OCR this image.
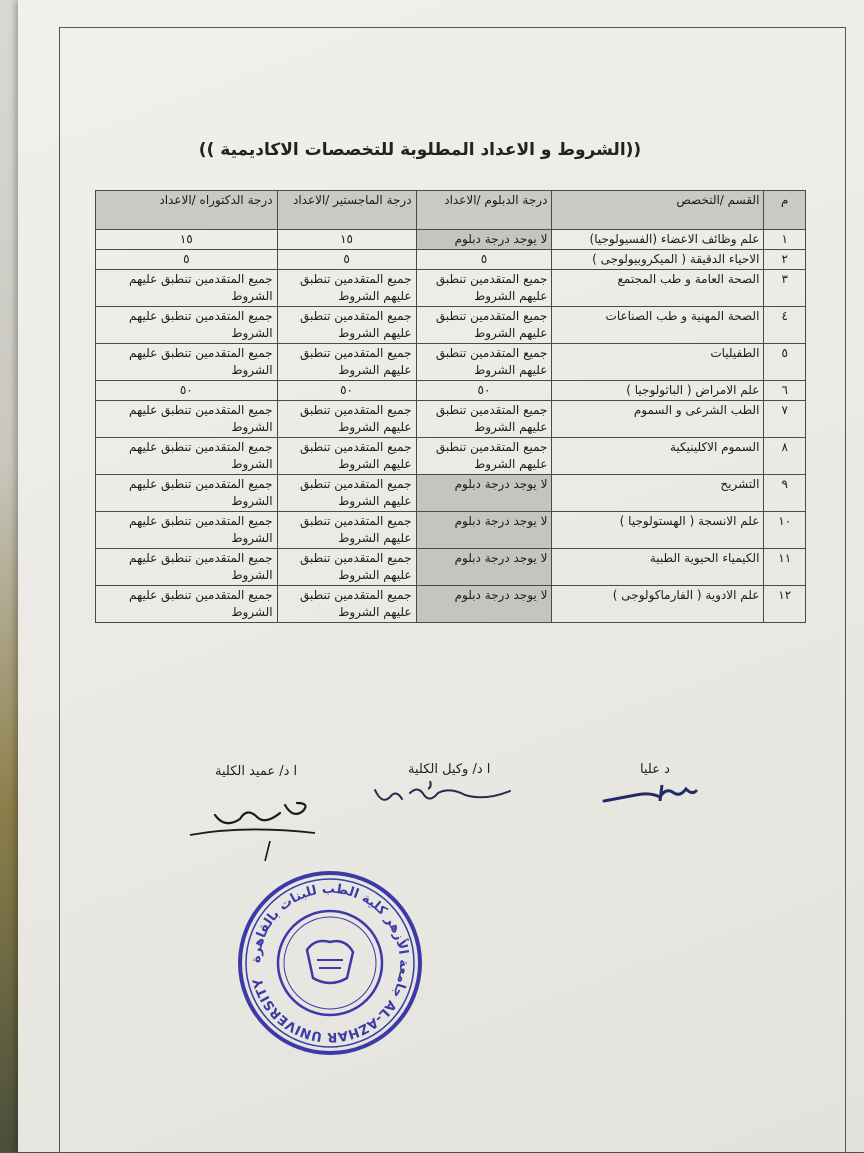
((الشروط و الاعداد المطلوبة للتخصصات الاكاديمية ))
م	القسم /التخصص	درجة الدبلوم /الاعداد	درجة الماجستير /الاعداد	درجة الدكتوراه /الاعداد
١	علم وظائف الاعضاء (الفسيولوجيا)	لا يوجد درجة دبلوم	١٥	١٥
٢	الاحياء الدقيقة ( الميكروبيولوجى )	٥	٥	٥
٣	الصحة العامة و طب المجتمع	جميع المتقدمين تنطبق عليهم الشروط	جميع المتقدمين تنطبق عليهم الشروط	جميع المتقدمين تنطبق عليهم الشروط
٤	الصحة المهنية و طب الصناعات	جميع المتقدمين تنطبق عليهم الشروط	جميع المتقدمين تنطبق عليهم الشروط	جميع المتقدمين تنطبق عليهم الشروط
٥	الطفيليات	جميع المتقدمين تنطبق عليهم الشروط	جميع المتقدمين تنطبق عليهم الشروط	جميع المتقدمين تنطبق عليهم الشروط
٦	علم الامراض ( الباثولوجيا )	٥٠	٥٠	٥٠
٧	الطب الشرعى و السموم	جميع المتقدمين تنطبق عليهم الشروط	جميع المتقدمين تنطبق عليهم الشروط	جميع المتقدمين تنطبق عليهم الشروط
٨	السموم الاكلينيكية	جميع المتقدمين تنطبق عليهم الشروط	جميع المتقدمين تنطبق عليهم الشروط	جميع المتقدمين تنطبق عليهم الشروط
٩	التشريح	لا يوجد درجة دبلوم	جميع المتقدمين تنطبق عليهم الشروط	جميع المتقدمين تنطبق عليهم الشروط
١٠	علم الانسجة ( الهستولوجيا )	لا يوجد درجة دبلوم	جميع المتقدمين تنطبق عليهم الشروط	جميع المتقدمين تنطبق عليهم الشروط
١١	الكيمياء الحيوية الطبية	لا يوجد درجة دبلوم	جميع المتقدمين تنطبق عليهم الشروط	جميع المتقدمين تنطبق عليهم الشروط
١٢	علم الادوية ( الفارماكولوجى )	لا يوجد درجة دبلوم	جميع المتقدمين تنطبق عليهم الشروط	جميع المتقدمين تنطبق عليهم الشروط
د عليا
ا د/ وكيل الكلية
ا د/ عميد الكلية
جامعة الأزهر كلية الطب للبنات بالقاهرة AL-AZHAR UNIVERSITY
